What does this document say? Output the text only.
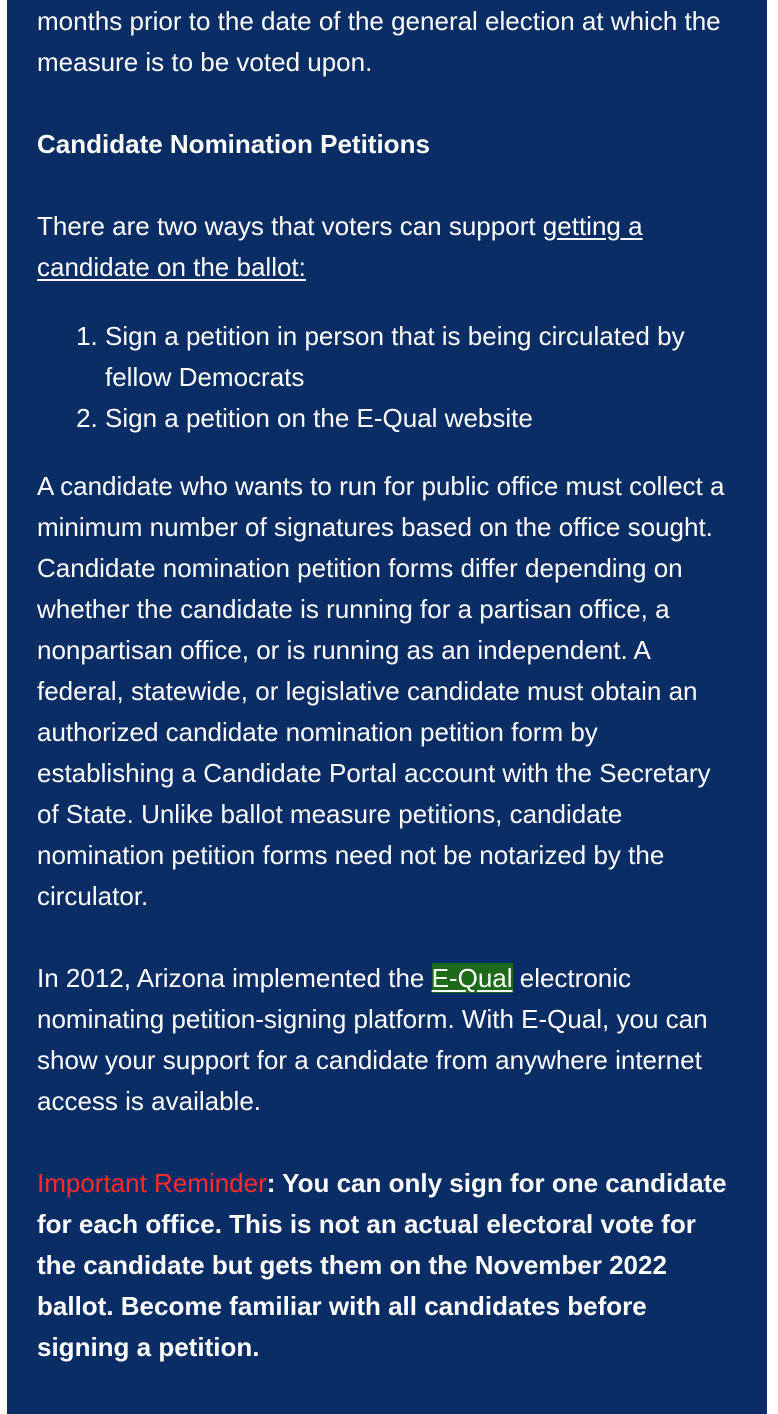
months prior to the date of the general election at which the measure is to be voted upon.

Candidate Nomination Petitions

There are two ways that voters can support getting a candidate on the ballot:

1. Sign a petition in person that is being circulated by fellow Democrats
2. Sign a petition on the E-Qual website

A candidate who wants to run for public office must collect a minimum number of signatures based on the office sought. Candidate nomination petition forms differ depending on whether the candidate is running for a partisan office, a nonpartisan office, or is running as an independent. A federal, statewide, or legislative candidate must obtain an authorized candidate nomination petition form by establishing a Candidate Portal account with the Secretary of State. Unlike ballot measure petitions, candidate nomination petition forms need not be notarized by the circulator.

In 2012, Arizona implemented the E-Qual electronic nominating petition-signing platform. With E-Qual, you can show your support for a candidate from anywhere internet access is available.

Important Reminder: You can only sign for one candidate for each office. This is not an actual electoral vote for the candidate but gets them on the November 2022 ballot. Become familiar with all candidates before signing a petition.
